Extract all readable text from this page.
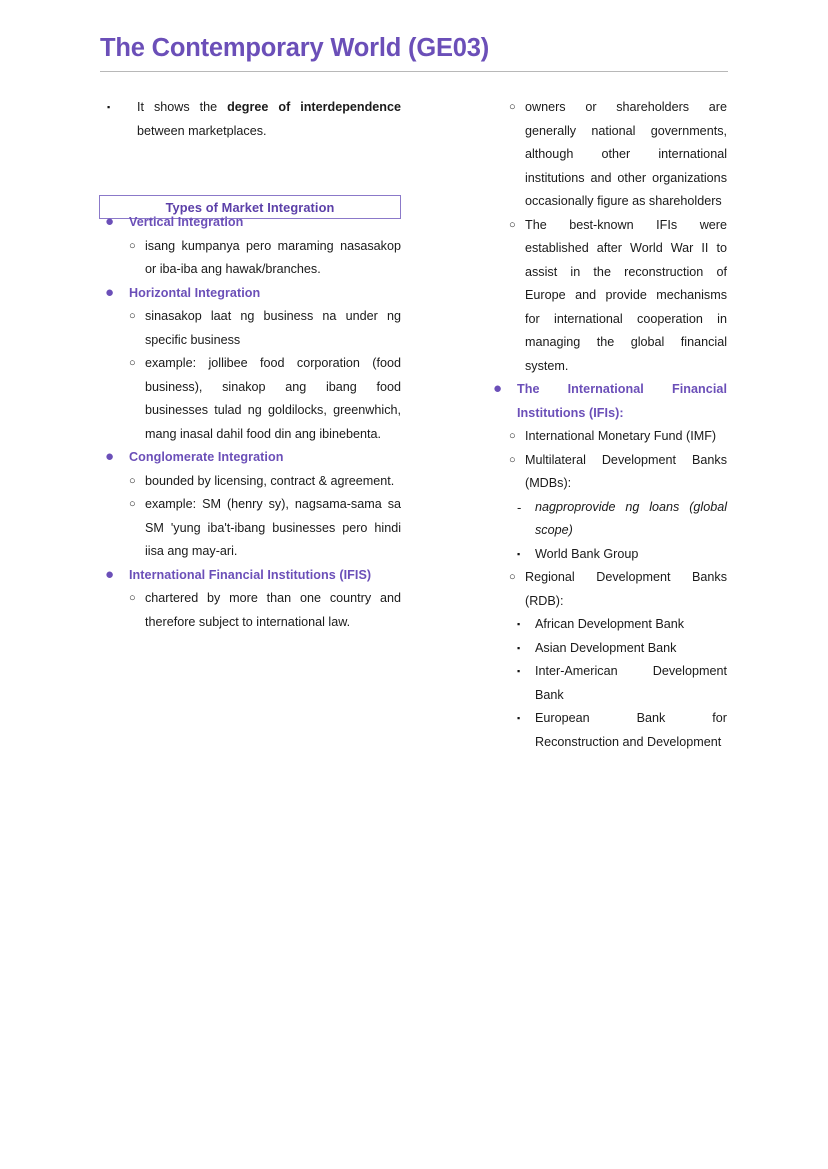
The Contemporary World (GE03)
Types of Market Integration
▪	It shows the degree of interdependence between marketplaces.
●	Vertical Integration
○ isang kumpanya pero maraming nasasakop or iba-iba ang hawak/branches.
●	Horizontal Integration
○ sinasakop laat ng business na under ng specific business
○ example: jollibee food corporation (food business), sinakop ang ibang food businesses tulad ng goldilocks, greenwhich, mang inasal dahil food din ang ibinebenta.
●	Conglomerate Integration
○ bounded by licensing, contract & agreement.
○ example: SM (henry sy), nagsama-sama sa SM 'yung iba't-ibang businesses pero hindi iisa ang may-ari.
●	International Financial Institutions (IFIS)
○ chartered by more than one country and therefore subject to international law.
○ owners or shareholders are generally national governments, although other international institutions and other organizations occasionally figure as shareholders
○ The best-known IFIs were established after World War II to assist in the reconstruction of Europe and provide mechanisms for international cooperation in managing the global financial system.
●	The International Financial Institutions (IFIs):
○ International Monetary Fund (IMF)
○ Multilateral Development Banks (MDBs):
-	nagproprovide ng loans (global scope)
▪	World Bank Group
○ Regional Development Banks (RDB):
▪	African Development Bank
▪	Asian Development Bank
▪	Inter-American Development Bank
▪	European Bank for Reconstruction and Development
